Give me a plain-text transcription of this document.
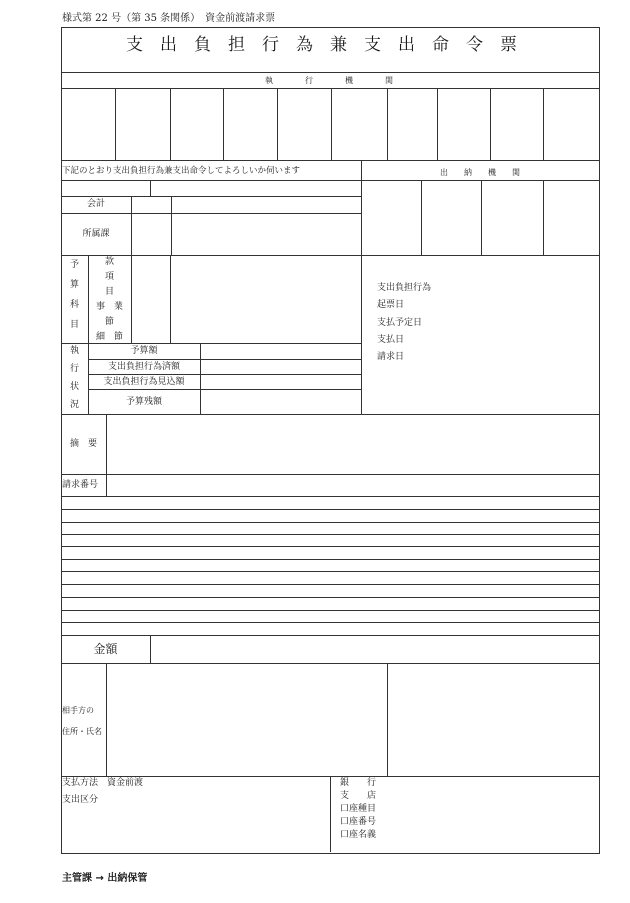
様式第 22 号（第 35 条関係）　資金前渡請求票
支出負担行為兼支出命令票
執　　　行　　　機　　　関
下記のとおり支出負担行為兼支出命令してよろしいか伺います	出　　納　　機　　関
会計
所属課
予
算
科
目
款
項
目
事　業
節
細　節
執
行
状
況
予算額
支出負担行為済額
支出負担行為見込額
予算残額
支出負担行為
起票日
支払予定日
支払日
請求日
摘　要
請求番号
金額
相手方の
住所・氏名
支払方法 資金前渡
支出区分
銀　　行
支　　店
口座種目
口座番号
口座名義
主管課 → 出納保管
